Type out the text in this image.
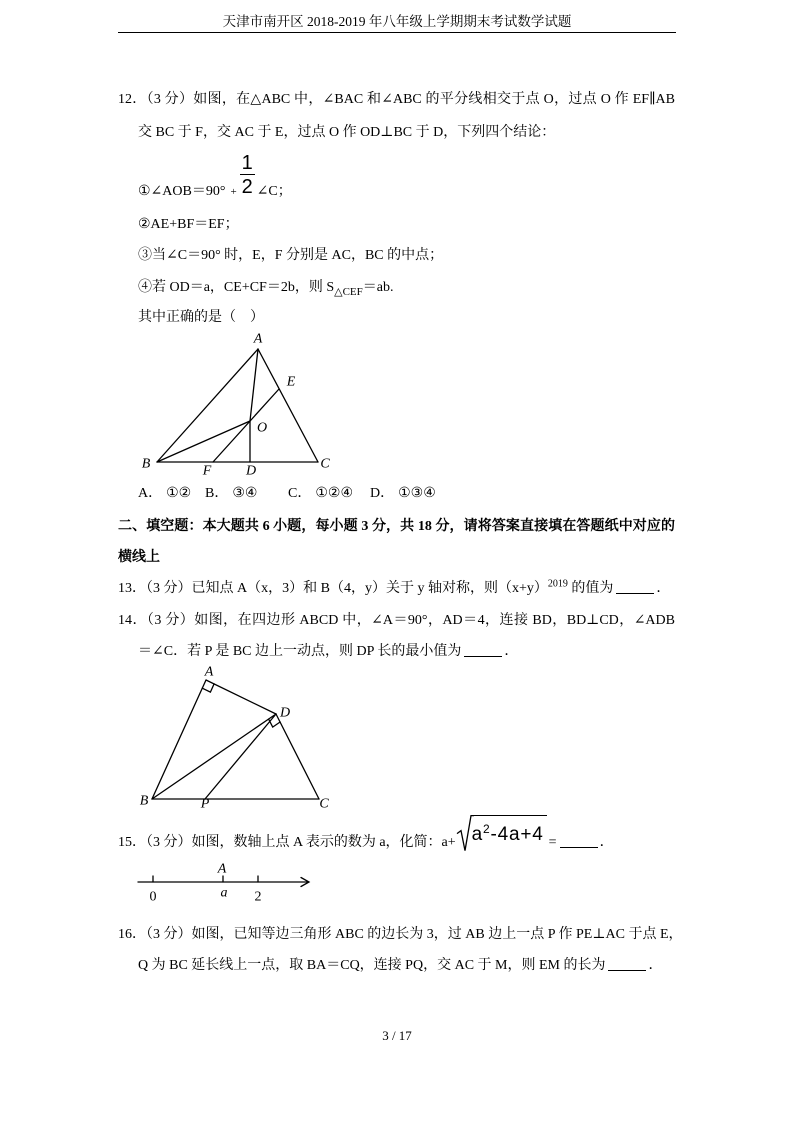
天津市南开区 2018-2019 年八年级上学期期末考试数学试题
12．（3 分）如图，在△ABC 中，∠BAC 和∠ABC 的平分线相交于点 O，过点 O 作 EF∥AB
交 BC 于 F，交 AC 于 E，过点 O 作 OD⊥BC 于 D，下列四个结论：
①∠AOB＝90° +
1
2 ∠C；
②AE+BF＝EF；
③当∠C＝90° 时，E，F 分别是 AC，BC 的中点；
④若 OD＝a，CE+CF＝2b，则 $S_{\triangle CEF}=ab$.
其中正确的是（　）
A
E
O
B	F D	C
A． ①② B． ③④ C． ①②④ D． ①③④
二、填空题：本大题共 6 小题，每小题 3 分，共 18 分，请将答案直接填在答题纸中对应的
横线上
13．（3 分）已知点 A（x，3）和 B（4，y）关于 y 轴对称，则$(x+y)^{2019}$ 的值为	．
14．（3 分）如图，在四边形 ABCD 中，∠A＝90°，AD＝4，连接 BD，BD⊥CD，∠ADB
＝∠C．若 P 是 BC 边上一动点，则 DP 长的最小值为	．
A
D
B	P	C
15．（3 分）如图，数轴上点 A 表示的数为 a，化简：$a+ a^2-4a+4$ =	．
0
A
a 2
16．（3 分）如图，已知等边三角形 ABC 的边长为 3，过 AB 边上一点 P 作 PE⊥AC 于点 E，
Q 为 BC 延长线上一点，取 BA＝CQ，连接 PQ，交 AC 于 M，则 EM 的长为	．
3 / 17
